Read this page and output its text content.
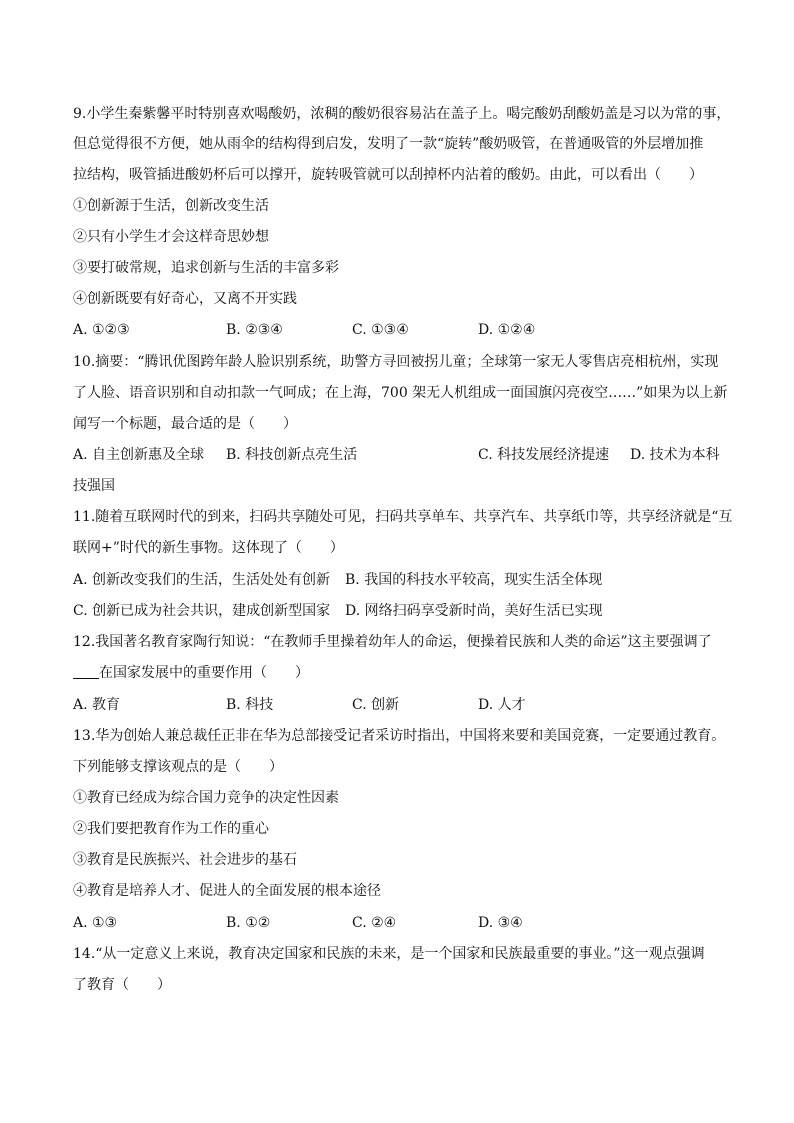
9.小学生秦紫馨平时特别喜欢喝酸奶，浓稠的酸奶很容易沾在盖子上。喝完酸奶刮酸奶盖是习以为常的事，
但总觉得很不方便，她从雨伞的结构得到启发，发明了一款“旋转”酸奶吸管，在普通吸管的外层增加推
拉结构，吸管插进酸奶杯后可以撑开，旋转吸管就可以刮掉杯内沾着的酸奶。由此，可以看出（　　）
①创新源于生活，创新改变生活
②只有小学生才会这样奇思妙想
③要打破常规，追求创新与生活的丰富多彩
④创新既要有好奇心，又离不开实践
A. ①②③	B. ②③④	C. ①③④	D. ①②④
10.摘要：“腾讯优图跨年龄人脸识别系统，助警方寻回被拐儿童；全球第一家无人零售店亮相杭州，实现
了人脸、语音识别和自动扣款一气呵成；在上海，700 架无人机组成一面国旗闪亮夜空……”如果为以上新
闻写一个标题，最合适的是（　　）
A. 自主创新惠及全球 B. 科技创新点亮生活	C. 科技发展经济提速 D. 技术为本科
技强国
11.随着互联网时代的到来，扫码共享随处可见，扫码共享单车、共享汽车、共享纸巾等，共享经济就是“互
联网+”时代的新生事物。这体现了（　　）
A. 创新改变我们的生活，生活处处有创新 B. 我国的科技水平较高，现实生活全体现
C. 创新已成为社会共识，建成创新型国家 D. 网络扫码享受新时尚，美好生活已实现
12.我国著名教育家陶行知说：“在教师手里操着幼年人的命运，便操着民族和人类的命运”这主要强调了
在国家发展中的重要作用（　　）
A. 教育	B. 科技	C. 创新	D. 人才
13.华为创始人兼总裁任正非在华为总部接受记者采访时指出，中国将来要和美国竞赛，一定要通过教育。
下列能够支撑该观点的是（　　）
①教育已经成为综合国力竞争的决定性因素
②我们要把教育作为工作的重心
③教育是民族振兴、社会进步的基石
④教育是培养人才、促进人的全面发展的根本途径
A. ①③	B. ①②	C. ②④	D. ③④
14.“从一定意义上来说，教育决定国家和民族的未来，是一个国家和民族最重要的事业。”这一观点强调
了教育（　　）
